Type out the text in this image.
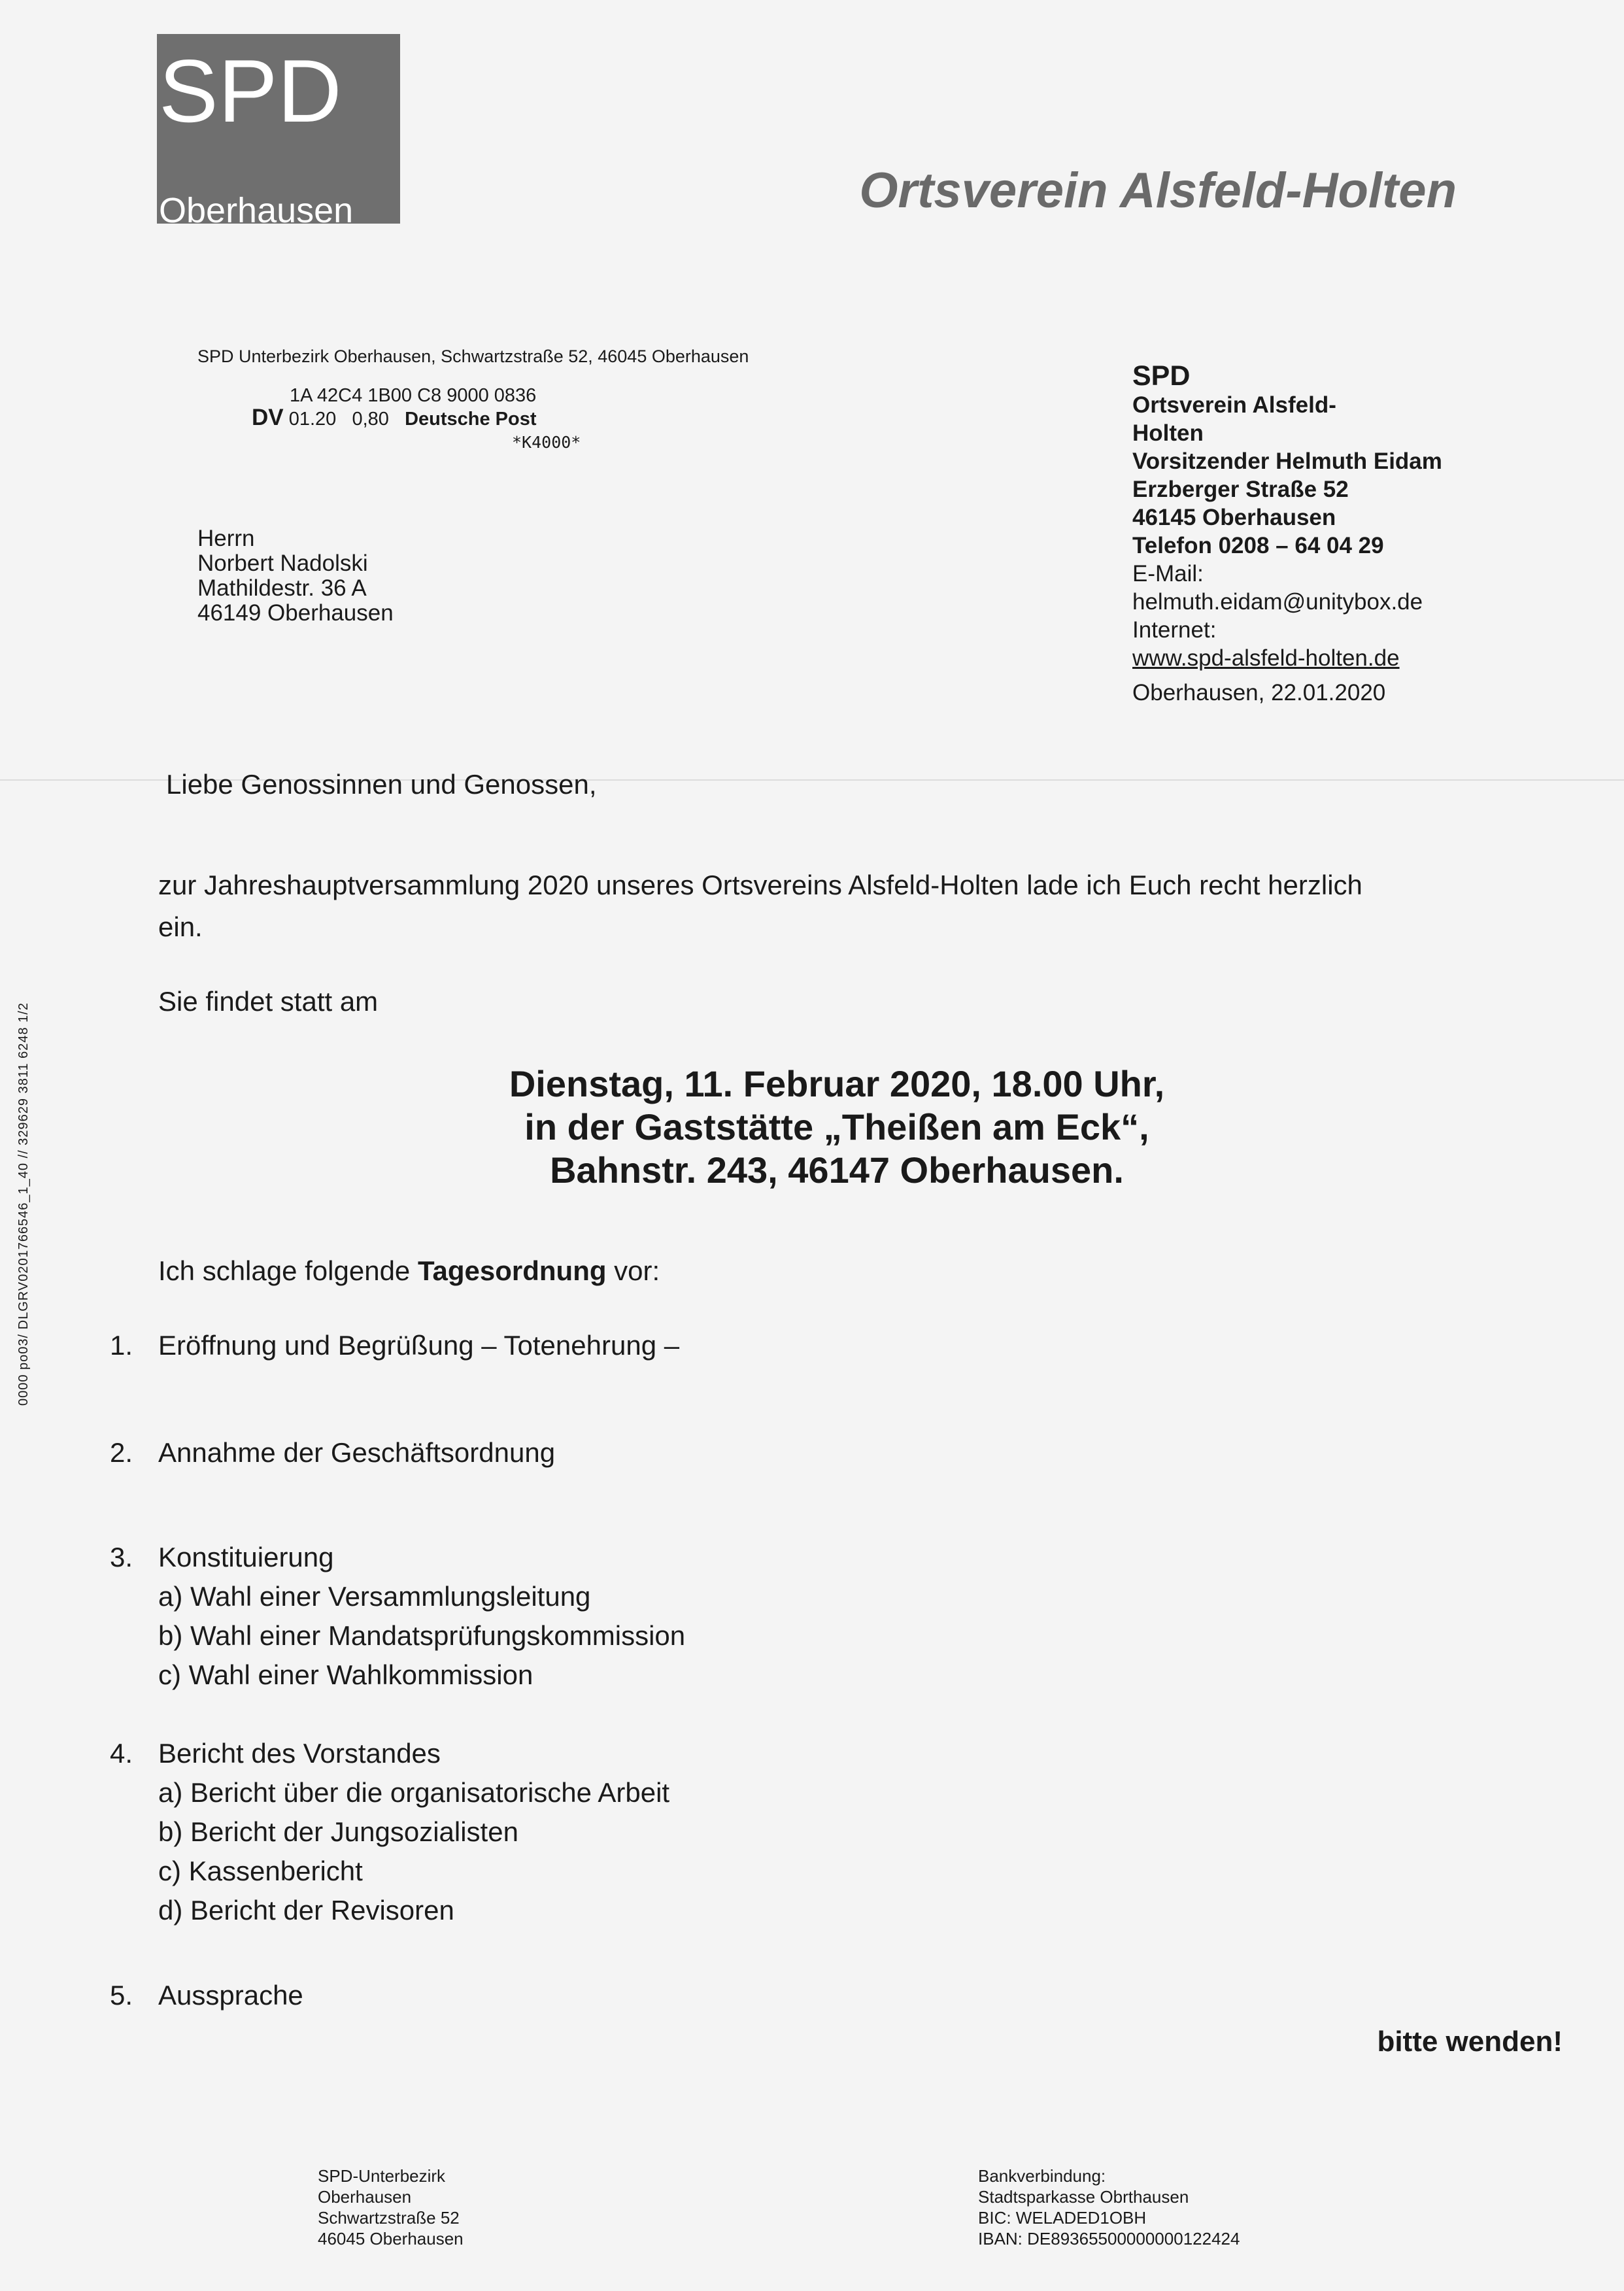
SPD
Oberhausen	Ortsverein Alsfeld-Holten
SPD Unterbezirk Oberhausen, Schwartzstraße 52, 46045 Oberhausen
1A 42C4 1B00 C8 9000 0836
DV 01.20 0,80 Deutsche Post
*K4000*
Herrn
Norbert Nadolski
Mathildestr. 36 A
46149 Oberhausen
SPD
Ortsverein Alsfeld-
Holten
Vorsitzender Helmuth Eidam
Erzberger Straße 52
46145 Oberhausen
Telefon 0208 – 64 04 29
E-Mail:
helmuth.eidam@unitybox.de
Internet:
www.spd-alsfeld-holten.de
Oberhausen, 22.01.2020
Liebe Genossinnen und Genossen,
zur Jahreshauptversammlung 2020 unseres Ortsvereins Alsfeld-Holten lade ich Euch recht herzlich ein.
Sie findet statt am
Dienstag, 11. Februar 2020, 18.00 Uhr,
in der Gaststätte „Theißen am Eck“,
Bahnstr. 243, 46147 Oberhausen.
Ich schlage folgende Tagesordnung vor:
1. Eröffnung und Begrüßung – Totenehrung –
2. Annahme der Geschäftsordnung
3. Konstituierung
a) Wahl einer Versammlungsleitung
b) Wahl einer Mandatsprüfungskommission
c) Wahl einer Wahlkommission
4. Bericht des Vorstandes
a) Bericht über die organisatorische Arbeit
b) Bericht der Jungsozialisten
c) Kassenbericht
d) Bericht der Revisoren
5. Aussprache
0000 po03/ DLGRV0201766546_1_40 // 329629 3811 6248 1/2
bitte wenden!
SPD-Unterbezirk
Oberhausen
Schwartzstraße 52
46045 Oberhausen
Bankverbindung:
Stadtsparkasse Obrthausen
BIC: WELADED1OBH
IBAN: DE89365500000000122424
